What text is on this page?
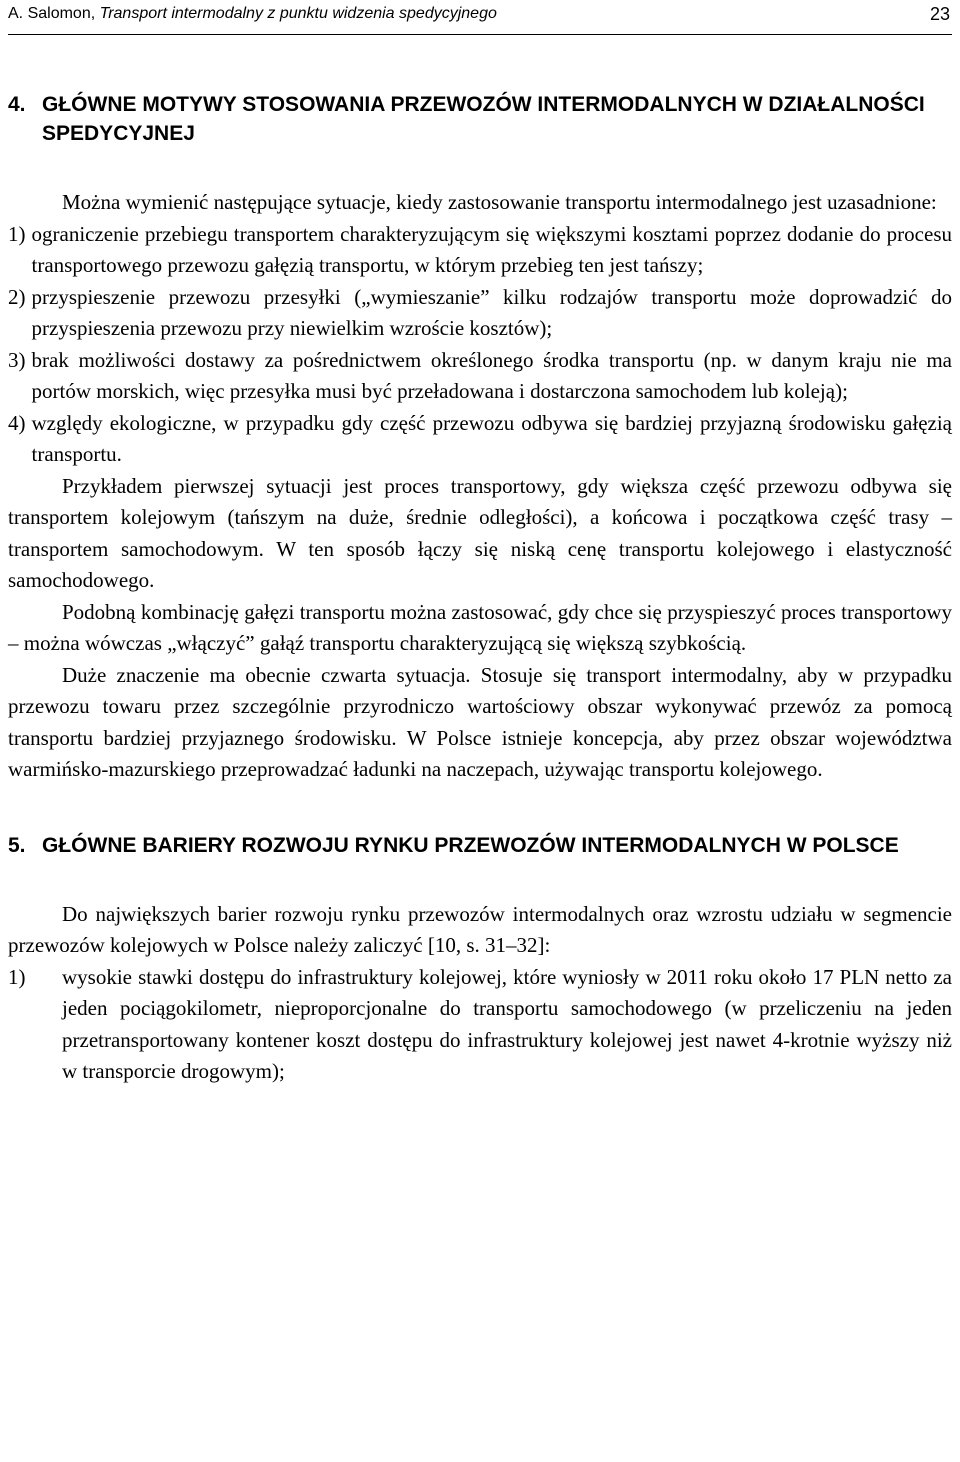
A. Salomon, Transport intermodalny z punktu widzenia spedycyjnego	23
4. GŁÓWNE MOTYWY STOSOWANIA PRZEWOZÓW INTERMODALNYCH W DZIAŁALNOŚCI SPEDYCYJNEJ

Można wymienić następujące sytuacje, kiedy zastosowanie transportu intermodalnego jest uzasadnione:

1) ograniczenie przebiegu transportem charakteryzującym się większymi kosztami poprzez dodanie do procesu transportowego przewozu gałęzią transportu, w którym przebieg ten jest tańszy;
2) przyspieszenie przewozu przesyłki („wymieszanie” kilku rodzajów transportu może doprowadzić do przyspieszenia przewozu przy niewielkim wzroście kosztów);
3) brak możliwości dostawy za pośrednictwem określonego środka transportu (np. w danym kraju nie ma portów morskich, więc przesyłka musi być przeładowana i dostarczona samochodem lub koleją);
4) względy ekologiczne, w przypadku gdy część przewozu odbywa się bardziej przyjazną środowisku gałęzią transportu.

Przykładem pierwszej sytuacji jest proces transportowy, gdy większa część przewozu odbywa się transportem kolejowym (tańszym na duże, średnie odległości), a końcowa i początkowa część trasy – transportem samochodowym. W ten sposób łączy się niską cenę transportu kolejowego i elastyczność samochodowego.

Podobną kombinację gałęzi transportu można zastosować, gdy chce się przyspieszyć proces transportowy – można wówczas „włączyć” gałąź transportu charakteryzującą się większą szybkością.

Duże znaczenie ma obecnie czwarta sytuacja. Stosuje się transport intermodalny, aby w przypadku przewozu towaru przez szczególnie przyrodniczo wartościowy obszar wykonywać przewóz za pomocą transportu bardziej przyjaznego środowisku. W Polsce istnieje koncepcja, aby przez obszar województwa warmińsko-mazurskiego przeprowadzać ładunki na naczepach, używając transportu kolejowego.

5. GŁÓWNE BARIERY ROZWOJU RYNKU PRZEWOZÓW INTERMODALNYCH W POLSCE

Do największych barier rozwoju rynku przewozów intermodalnych oraz wzrostu udziału w segmencie przewozów kolejowych w Polsce należy zaliczyć [10, s. 31–32]:

1)	wysokie stawki dostępu do infrastruktury kolejowej, które wyniosły w 2011 roku około 17 PLN netto za jeden pociągokilometr, nieproporcjonalne do transportu samochodowego (w przeliczeniu na jeden przetransportowany kontener koszt dostępu do infrastruktury kolejowej jest nawet 4-krotnie wyższy niż w transporcie drogowym);
